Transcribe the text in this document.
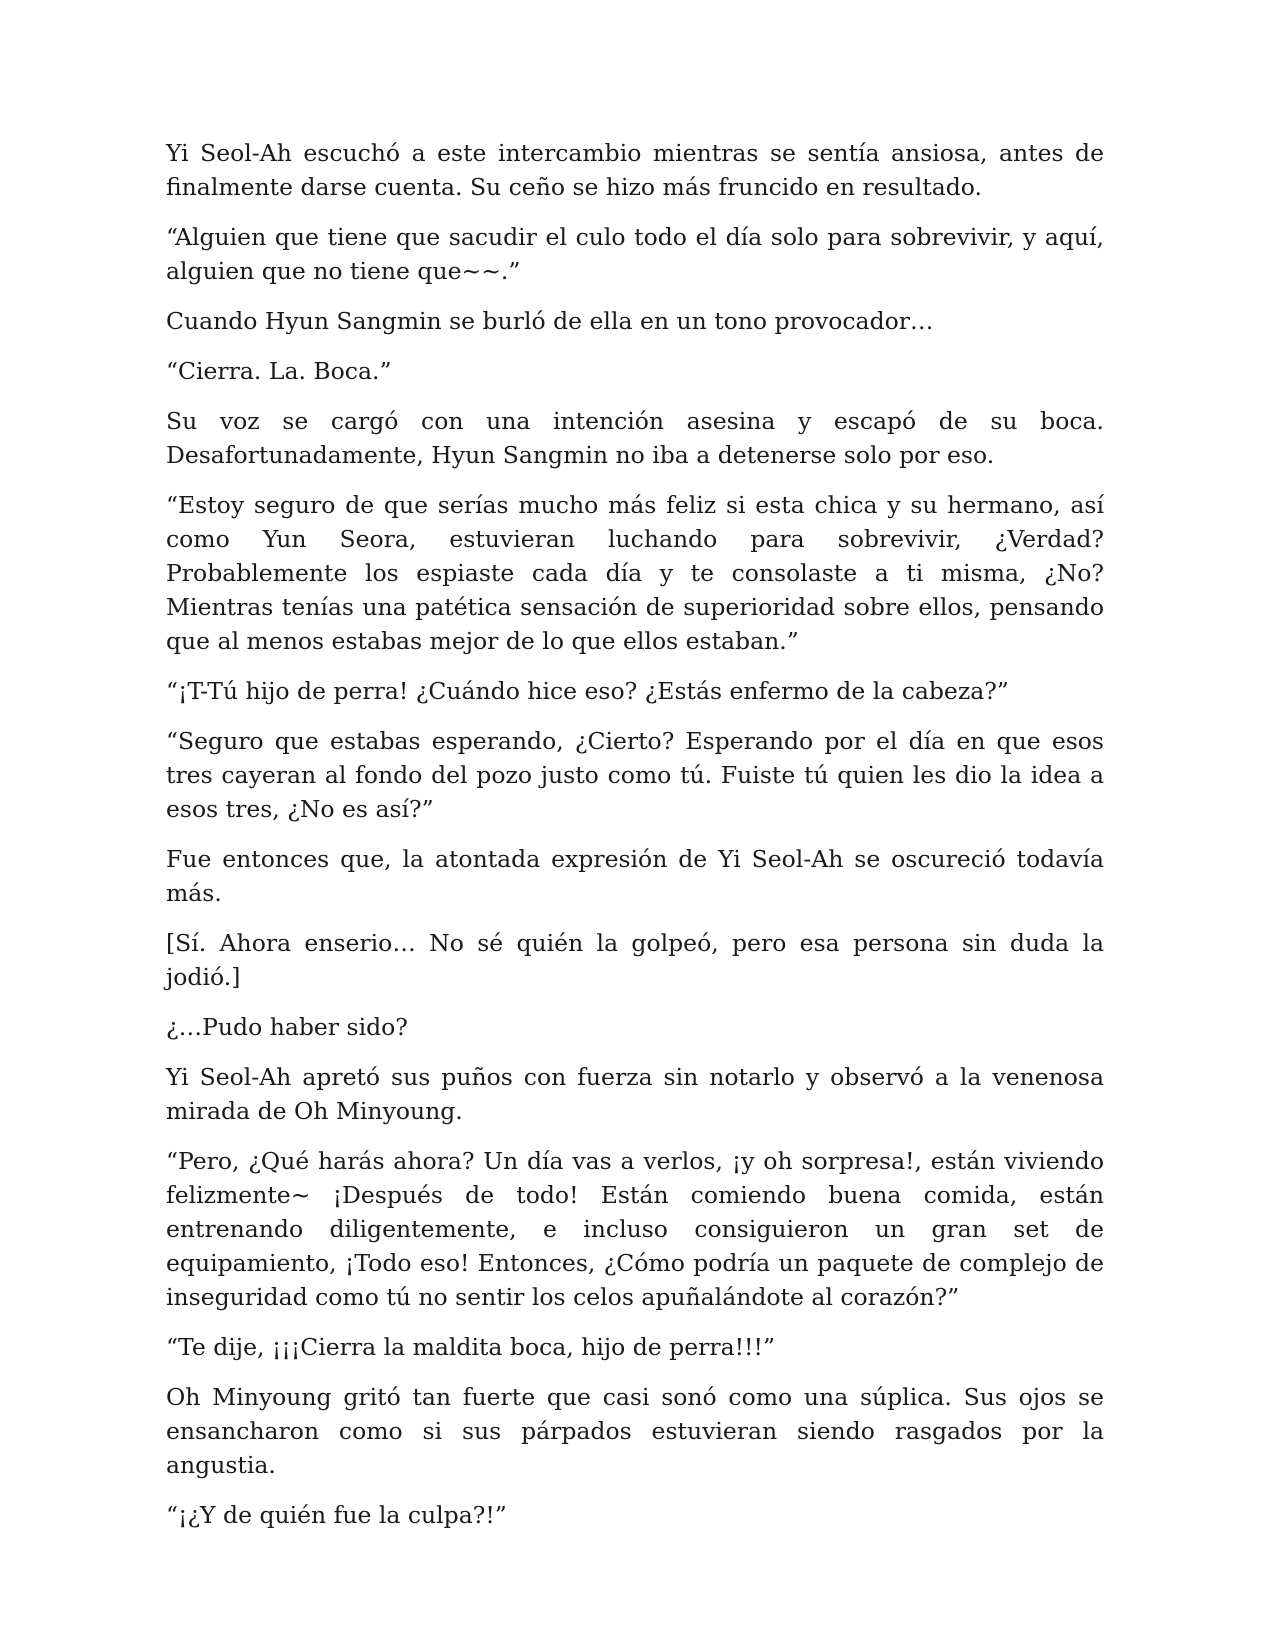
Yi Seol-Ah escuchó a este intercambio mientras se sentía ansiosa, antes de finalmente darse cuenta. Su ceño se hizo más fruncido en resultado.

“Alguien que tiene que sacudir el culo todo el día solo para sobrevivir, y aquí, alguien que no tiene que~~.”

Cuando Hyun Sangmin se burló de ella en un tono provocador…

“Cierra. La. Boca.”

Su voz se cargó con una intención asesina y escapó de su boca. Desafortunadamente, Hyun Sangmin no iba a detenerse solo por eso.

“Estoy seguro de que serías mucho más feliz si esta chica y su hermano, así como Yun Seora, estuvieran luchando para sobrevivir, ¿Verdad? Probablemente los espiaste cada día y te consolaste a ti misma, ¿No? Mientras tenías una patética sensación de superioridad sobre ellos, pensando que al menos estabas mejor de lo que ellos estaban.”

“¡T-Tú hijo de perra! ¿Cuándo hice eso? ¿Estás enfermo de la cabeza?”

“Seguro que estabas esperando, ¿Cierto? Esperando por el día en que esos tres cayeran al fondo del pozo justo como tú. Fuiste tú quien les dio la idea a esos tres, ¿No es así?”

Fue entonces que, la atontada expresión de Yi Seol-Ah se oscureció todavía más.

[Sí. Ahora enserio… No sé quién la golpeó, pero esa persona sin duda la jodió.]

¿…Pudo haber sido?

Yi Seol-Ah apretó sus puños con fuerza sin notarlo y observó a la venenosa mirada de Oh Minyoung.

“Pero, ¿Qué harás ahora? Un día vas a verlos, ¡y oh sorpresa!, están viviendo felizmente~ ¡Después de todo! Están comiendo buena comida, están entrenando diligentemente, e incluso consiguieron un gran set de equipamiento, ¡Todo eso! Entonces, ¿Cómo podría un paquete de complejo de inseguridad como tú no sentir los celos apuñalándote al corazón?”

“Te dije, ¡¡¡Cierra la maldita boca, hijo de perra!!!”

Oh Minyoung gritó tan fuerte que casi sonó como una súplica. Sus ojos se ensancharon como si sus párpados estuvieran siendo rasgados por la angustia.

“¡¿Y de quién fue la culpa?!”
